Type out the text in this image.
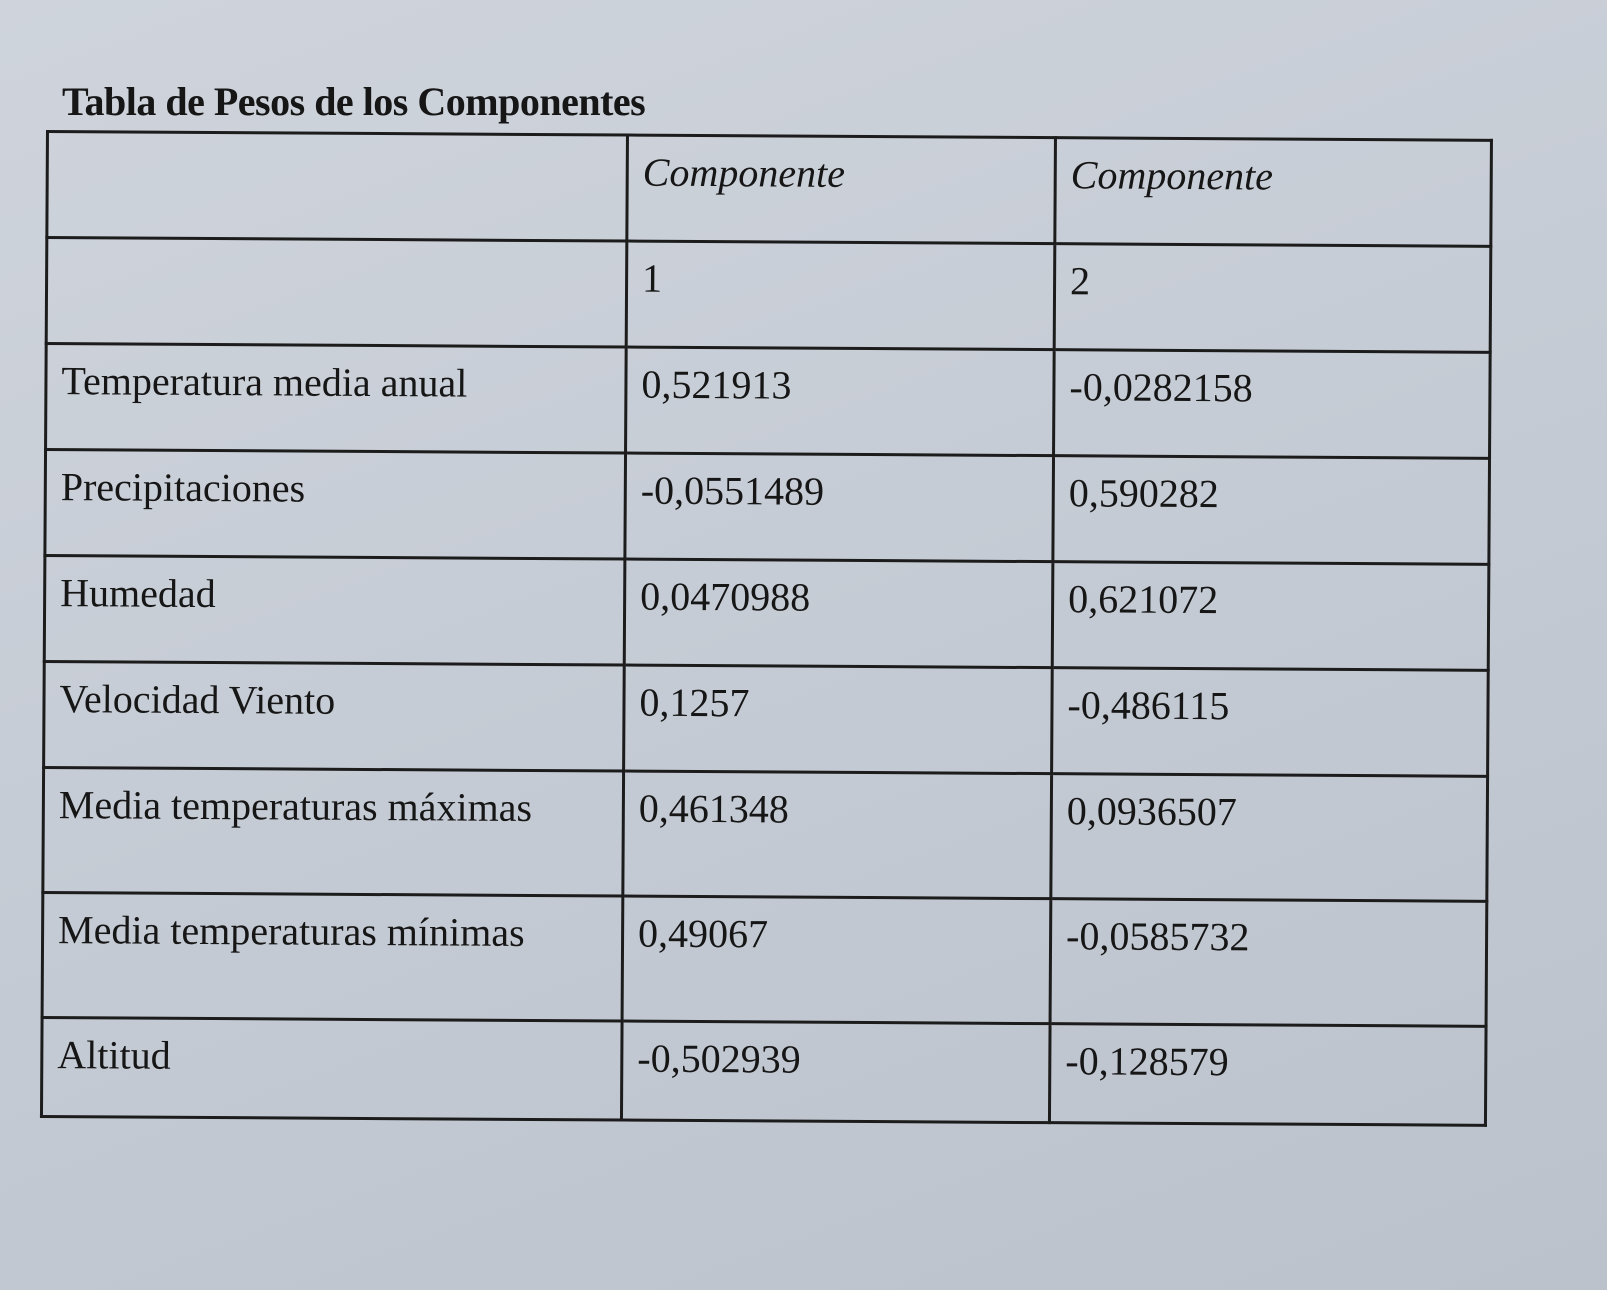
Tabla de Pesos de los Componentes
	Componente	Componente
	1	2
Temperatura media anual	0,521913	-0,0282158
Precipitaciones	-0,0551489	0,590282
Humedad	0,0470988	0,621072
Velocidad Viento	0,1257	-0,486115
Media temperaturas máximas	0,461348	0,0936507
Media temperaturas mínimas	0,49067	-0,0585732
Altitud	-0,502939	-0,128579
